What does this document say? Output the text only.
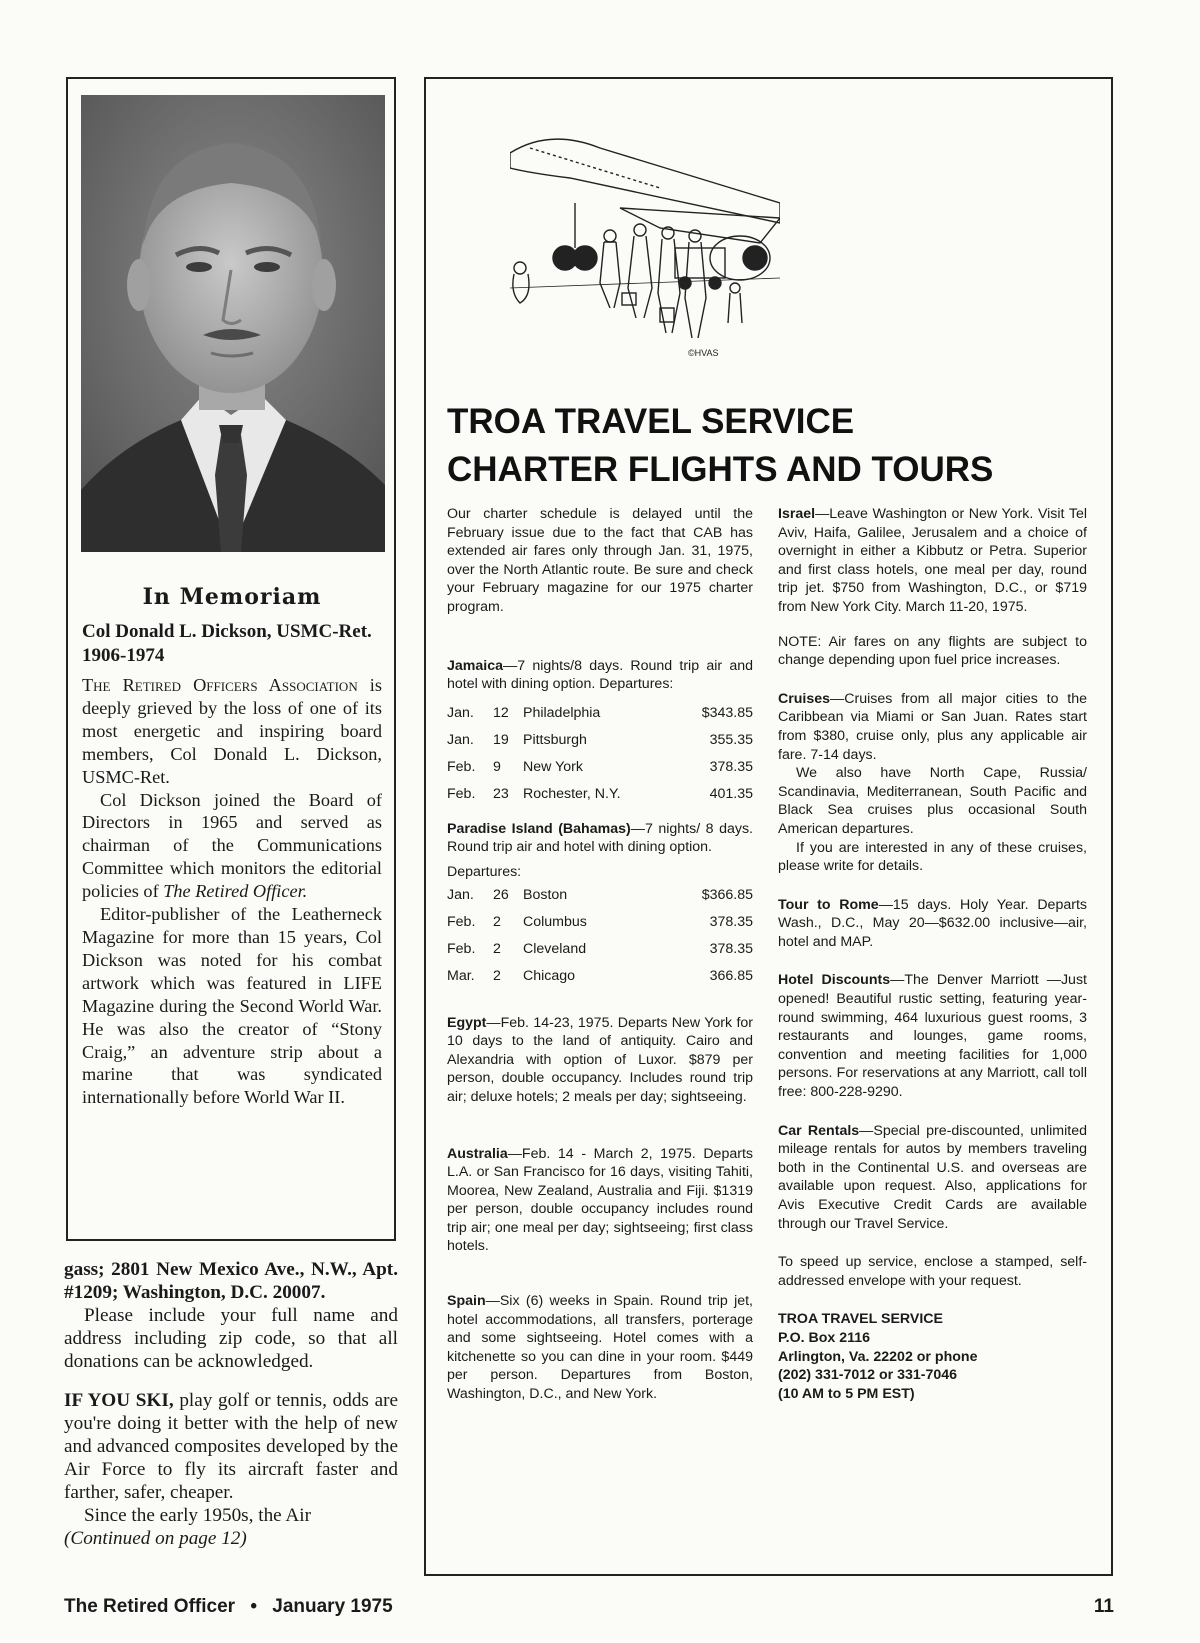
In Memoriam
Col Donald L. Dickson, USMC-Ret. 1906-1974

The Retired Officers Association is deeply grieved by the loss of one of its most energetic and inspiring board members, Col Donald L. Dickson, USMC-Ret.

Col Dickson joined the Board of Directors in 1965 and served as chairman of the Communications Committee which monitors the editorial policies of The Retired Officer.

Editor-publisher of the Leatherneck Magazine for more than 15 years, Col Dickson was noted for his combat artwork which was featured in LIFE Magazine during the Second World War. He was also the creator of “Stony Craig,” an adventure strip about a marine that was syndicated internationally before World War II.

gass; 2801 New Mexico Ave., N.W., Apt. #1209; Washington, D.C. 20007.

Please include your full name and address including zip code, so that all donations can be acknowledged.

IF YOU SKI, play golf or tennis, odds are you're doing it better with the help of new and advanced composites developed by the Air Force to fly its aircraft faster and farther, safer, cheaper.

Since the early 1950s, the Air

(Continued on page 12)

©HVAS
TROA TRAVEL SERVICE
CHARTER FLIGHTS AND TOURS

Our charter schedule is delayed until the February issue due to the fact that CAB has extended air fares only through Jan. 31, 1975, over the North Atlantic route. Be sure and check your February magazine for our 1975 charter program.

Jamaica—7 nights/8 days. Round trip air and hotel with dining option. Departures:

Jan.	12	Philadelphia	$343.85
Jan.	19	Pittsburgh	355.35
Feb.	9	New York	378.35
Feb.	23	Rochester, N.Y.	401.35

Paradise Island (Bahamas)—7 nights/ 8 days. Round trip air and hotel with dining option.

Departures:

Jan.	26	Boston	$366.85
Feb.	2	Columbus	378.35
Feb.	2	Cleveland	378.35
Mar.	2	Chicago	366.85

Egypt—Feb. 14-23, 1975. Departs New York for 10 days to the land of antiquity. Cairo and Alexandria with option of Luxor. $879 per person, double occupancy. Includes round trip air; deluxe hotels; 2 meals per day; sightseeing.

Australia—Feb. 14 - March 2, 1975. Departs L.A. or San Francisco for 16 days, visiting Tahiti, Moorea, New Zealand, Australia and Fiji. $1319 per person, double occupancy includes round trip air; one meal per day; sightseeing; first class hotels.

Spain—Six (6) weeks in Spain. Round trip jet, hotel accommodations, all transfers, porterage and some sightseeing. Hotel comes with a kitchenette so you can dine in your room. $449 per person. Departures from Boston, Washington, D.C., and New York.

Israel—Leave Washington or New York. Visit Tel Aviv, Haifa, Galilee, Jerusalem and a choice of overnight in either a Kibbutz or Petra. Superior and first class hotels, one meal per day, round trip jet. $750 from Washington, D.C., or $719 from New York City. March 11-20, 1975.

NOTE: Air fares on any flights are subject to change depending upon fuel price increases.

Cruises—Cruises from all major cities to the Caribbean via Miami or San Juan. Rates start from $380, cruise only, plus any applicable air fare. 7-14 days.

We also have North Cape, Russia/ Scandinavia, Mediterranean, South Pacific and Black Sea cruises plus occasional South American departures.

If you are interested in any of these cruises, please write for details.

Tour to Rome—15 days. Holy Year. Departs Wash., D.C., May 20—$632.00 inclusive—air, hotel and MAP.

Hotel Discounts—The Denver Marriott —Just opened! Beautiful rustic setting, featuring year-round swimming, 464 luxurious guest rooms, 3 restaurants and lounges, game rooms, convention and meeting facilities for 1,000 persons. For reservations at any Marriott, call toll free: 800-228-9290.

Car Rentals—Special pre-discounted, unlimited mileage rentals for autos by members traveling both in the Continental U.S. and overseas are available upon request. Also, applications for Avis Executive Credit Cards are available through our Travel Service.

To speed up service, enclose a stamped, self-addressed envelope with your request.

TROA TRAVEL SERVICE
P.O. Box 2116
Arlington, Va. 22202 or phone
(202) 331-7012 or 331-7046
(10 AM to 5 PM EST)
The Retired Officer • January 1975	11
